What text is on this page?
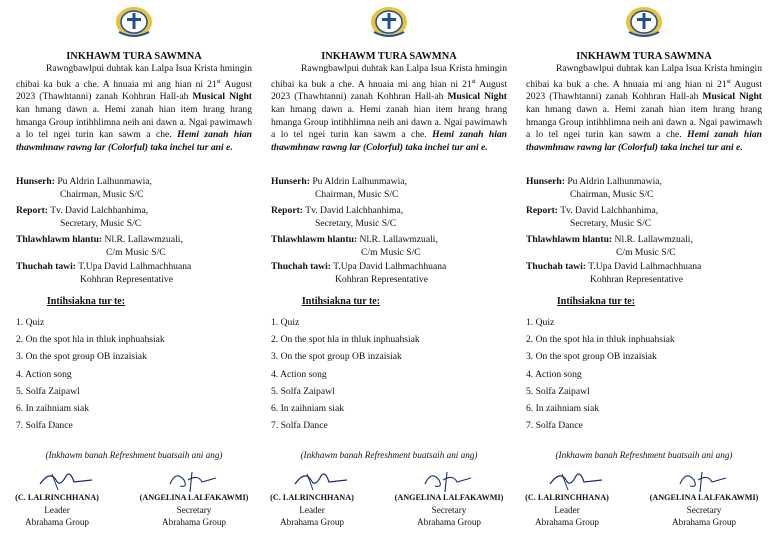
INKHAWM TURA SAWMNA

Rawngbawlpui duhtak kan Lalpa Isua Krista hmingin chibai ka buk a che. A hnuaia mi ang hian ni 21st August 2023 (Thawhtanni) zanah Kohhran Hall-ah Musical Night kan hmang dawn a. Hemi zanah hian item hrang hrang hmanga Group intihhlimna neih ani dawn a. Ngai pawimawh a lo tel ngei turin kan sawm a che. Hemi zanah hian thawmhnaw rawng lar (Colorful) taka inchei tur ani e.

Hunserh: Pu Aldrin Lalhunmawia,
Chairman, Music S/C
Report: Tv. David Lalchhanhima,
Secretary, Music S/C
Thlawhlawm hlantu: Nl.R. Lallawmzuali,
C/m Music S/C
Thuchah tawi: T.Upa David Lalhmachhuana
Kohhran Representative
Intihsiakna tur te:
1. Quiz
2. On the spot hla in thluk inphuahsiak
3. On the spot group OB inzaisiak
4. Action song
5. Solfa Zaipawl
6. In zaihniam siak
7. Solfa Dance
(Inkhawm banah Refreshment buatsaih ani ang)
(C. LALRINCHHANA)
Leader
Abrahama Group
(ANGELINA LALFAKAWMI)
Secretary
Abrahama Group
INKHAWM TURA SAWMNA

Rawngbawlpui duhtak kan Lalpa Isua Krista hmingin chibai ka buk a che. A hnuaia mi ang hian ni 21st August 2023 (Thawhtanni) zanah Kohhran Hall-ah Musical Night kan hmang dawn a. Hemi zanah hian item hrang hrang hmanga Group intihhlimna neih ani dawn a. Ngai pawimawh a lo tel ngei turin kan sawm a che. Hemi zanah hian thawmhnaw rawng lar (Colorful) taka inchei tur ani e.

Hunserh: Pu Aldrin Lalhunmawia,
Chairman, Music S/C
Report: Tv. David Lalchhanhima,
Secretary, Music S/C
Thlawhlawm hlantu: Nl.R. Lallawmzuali,
C/m Music S/C
Thuchah tawi: T.Upa David Lalhmachhuana
Kohhran Representative
Intihsiakna tur te:
1. Quiz
2. On the spot hla in thluk inphuahsiak
3. On the spot group OB inzaisiak
4. Action song
5. Solfa Zaipawl
6. In zaihniam siak
7. Solfa Dance
(Inkhawm banah Refreshment buatsaih ani ang)
(C. LALRINCHHANA)
Leader
Abrahama Group
(ANGELINA LALFAKAWMI)
Secretary
Abrahama Group
INKHAWM TURA SAWMNA

Rawngbawlpui duhtak kan Lalpa Isua Krista hmingin chibai ka buk a che. A hnuaia mi ang hian ni 21st August 2023 (Thawhtanni) zanah Kohhran Hall-ah Musical Night kan hmang dawn a. Hemi zanah hian item hrang hrang hmanga Group intihhlimna neih ani dawn a. Ngai pawimawh a lo tel ngei turin kan sawm a che. Hemi zanah hian thawmhnaw rawng lar (Colorful) taka inchei tur ani e.

Hunserh: Pu Aldrin Lalhunmawia,
Chairman, Music S/C
Report: Tv. David Lalchhanhima,
Secretary, Music S/C
Thlawhlawm hlantu: Nl.R. Lallawmzuali,
C/m Music S/C
Thuchah tawi: T.Upa David Lalhmachhuana
Kohhran Representative
Intihsiakna tur te:
1. Quiz
2. On the spot hla in thluk inphuahsiak
3. On the spot group OB inzaisiak
4. Action song
5. Solfa Zaipawl
6. In zaihniam siak
7. Solfa Dance
(Inkhawm banah Refreshment buatsaih ani ang)
(C. LALRINCHHANA)
Leader
Abrahama Group
(ANGELINA LALFAKAWMI)
Secretary
Abrahama Group
